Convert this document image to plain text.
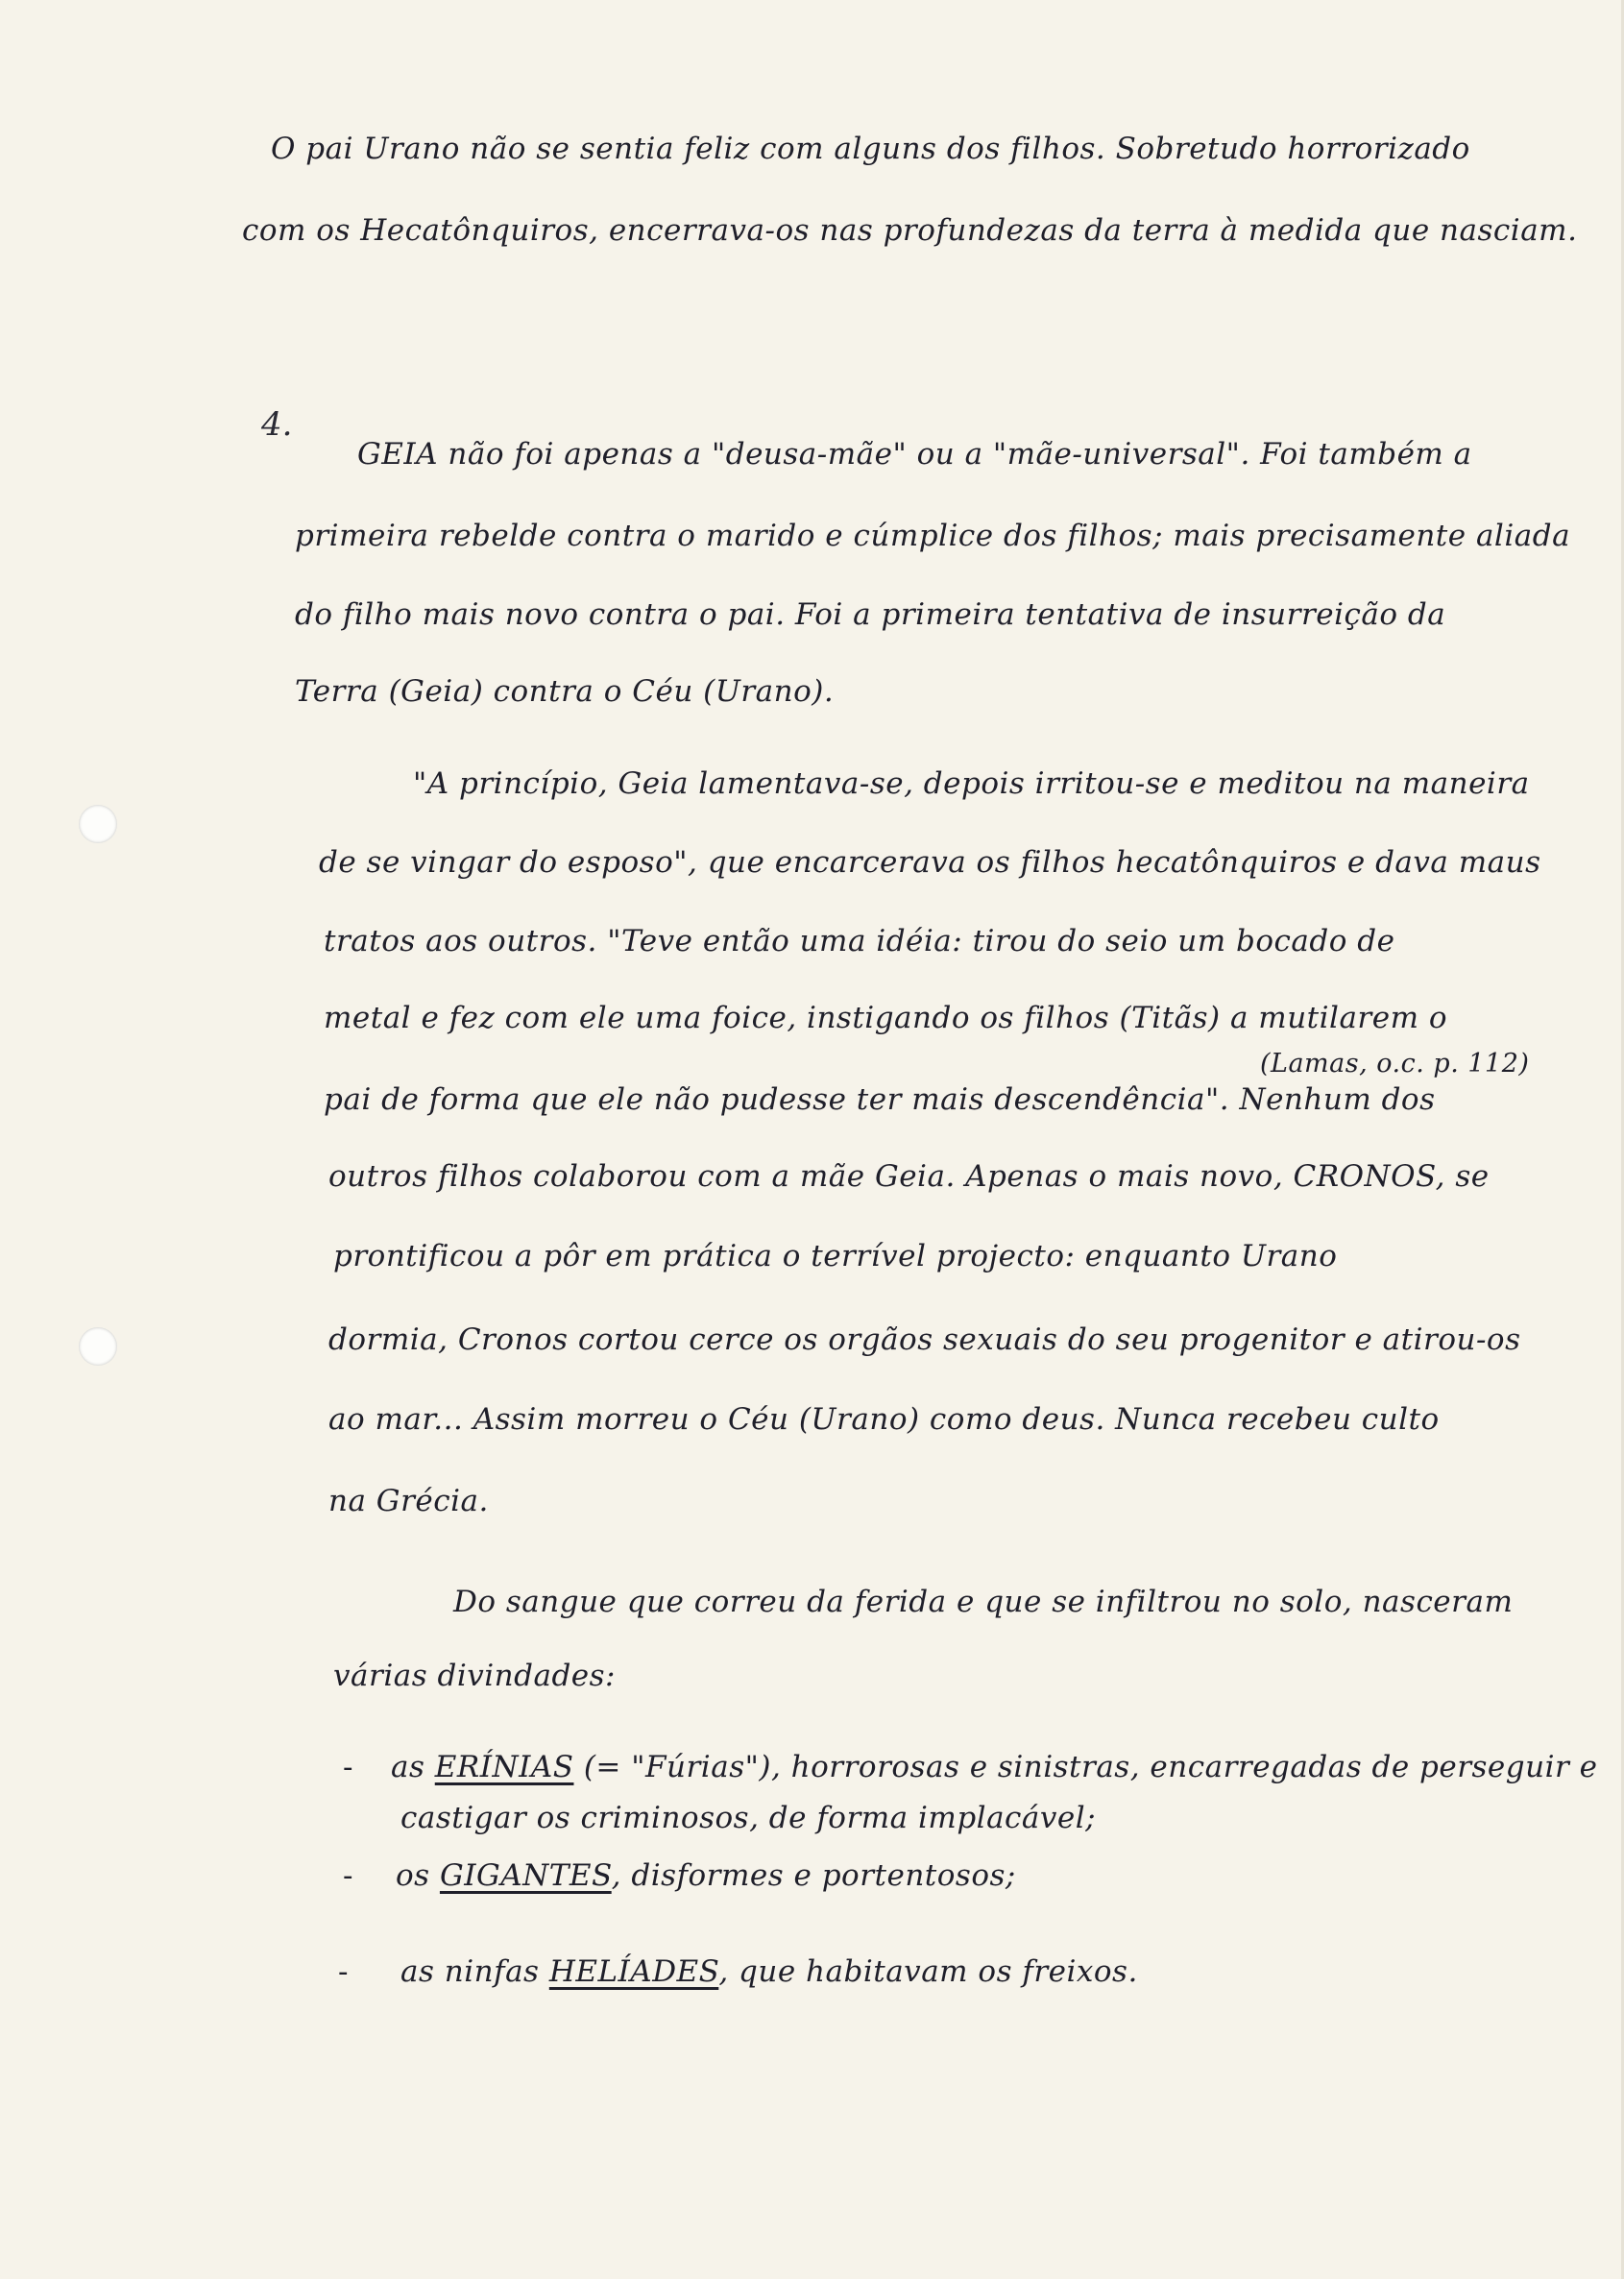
O pai Urano não se sentia feliz com alguns dos filhos. Sobretudo horrorizado
com os Hecatônquiros, encerrava-os nas profundezas da terra à medida que nasciam.
4.
GEIA não foi apenas a "deusa-mãe" ou a "mãe-universal". Foi também a
primeira rebelde contra o marido e cúmplice dos filhos; mais precisamente aliada
do filho mais novo contra o pai. Foi a primeira tentativa de insurreição da
Terra (Geia) contra o Céu (Urano).
"A princípio, Geia lamentava-se, depois irritou-se e meditou na maneira
de se vingar do esposo", que encarcerava os filhos hecatônquiros e dava maus
tratos aos outros. "Teve então uma idéia: tirou do seio um bocado de
metal e fez com ele uma foice, instigando os filhos (Titãs) a mutilarem o
(Lamas, o.c. p. 112)
pai de forma que ele não pudesse ter mais descendência". Nenhum dos
outros filhos colaborou com a mãe Geia. Apenas o mais novo, CRONOS, se
prontificou a pôr em prática o terrível projecto: enquanto Urano
dormia, Cronos cortou cerce os orgãos sexuais do seu progenitor e atirou-os
ao mar... Assim morreu o Céu (Urano) como deus. Nunca recebeu culto
na Grécia.
Do sangue que correu da ferida e que se infiltrou no solo, nasceram
várias divindades:
- as ERÍNIAS (= "Fúrias"), horrorosas e sinistras, encarregadas de perseguir e
castigar os criminosos, de forma implacável;
- os GIGANTES, disformes e portentosos;
- as ninfas HELÍADES, que habitavam os freixos.
